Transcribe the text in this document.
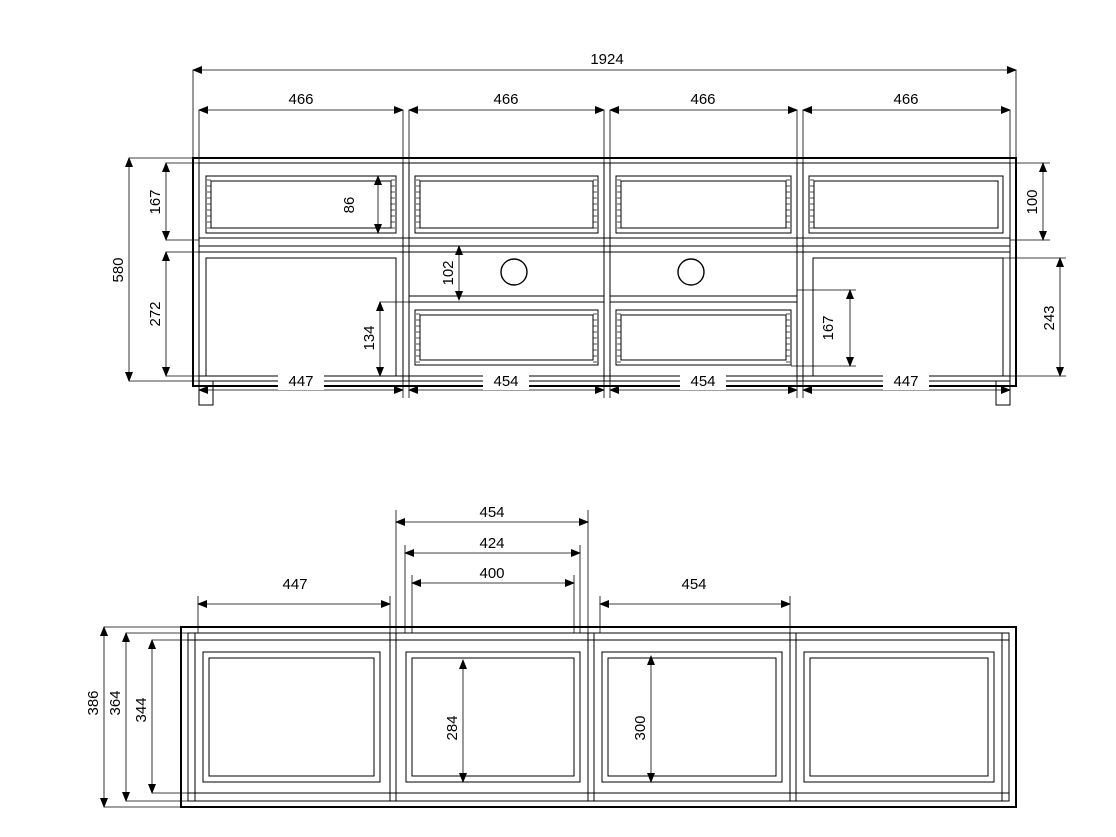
1924
466	466	466	466
447	454	454	447
580
167
272
86
102
134	167
100
243
454
424
400
447	454
386 364 344
284	300
